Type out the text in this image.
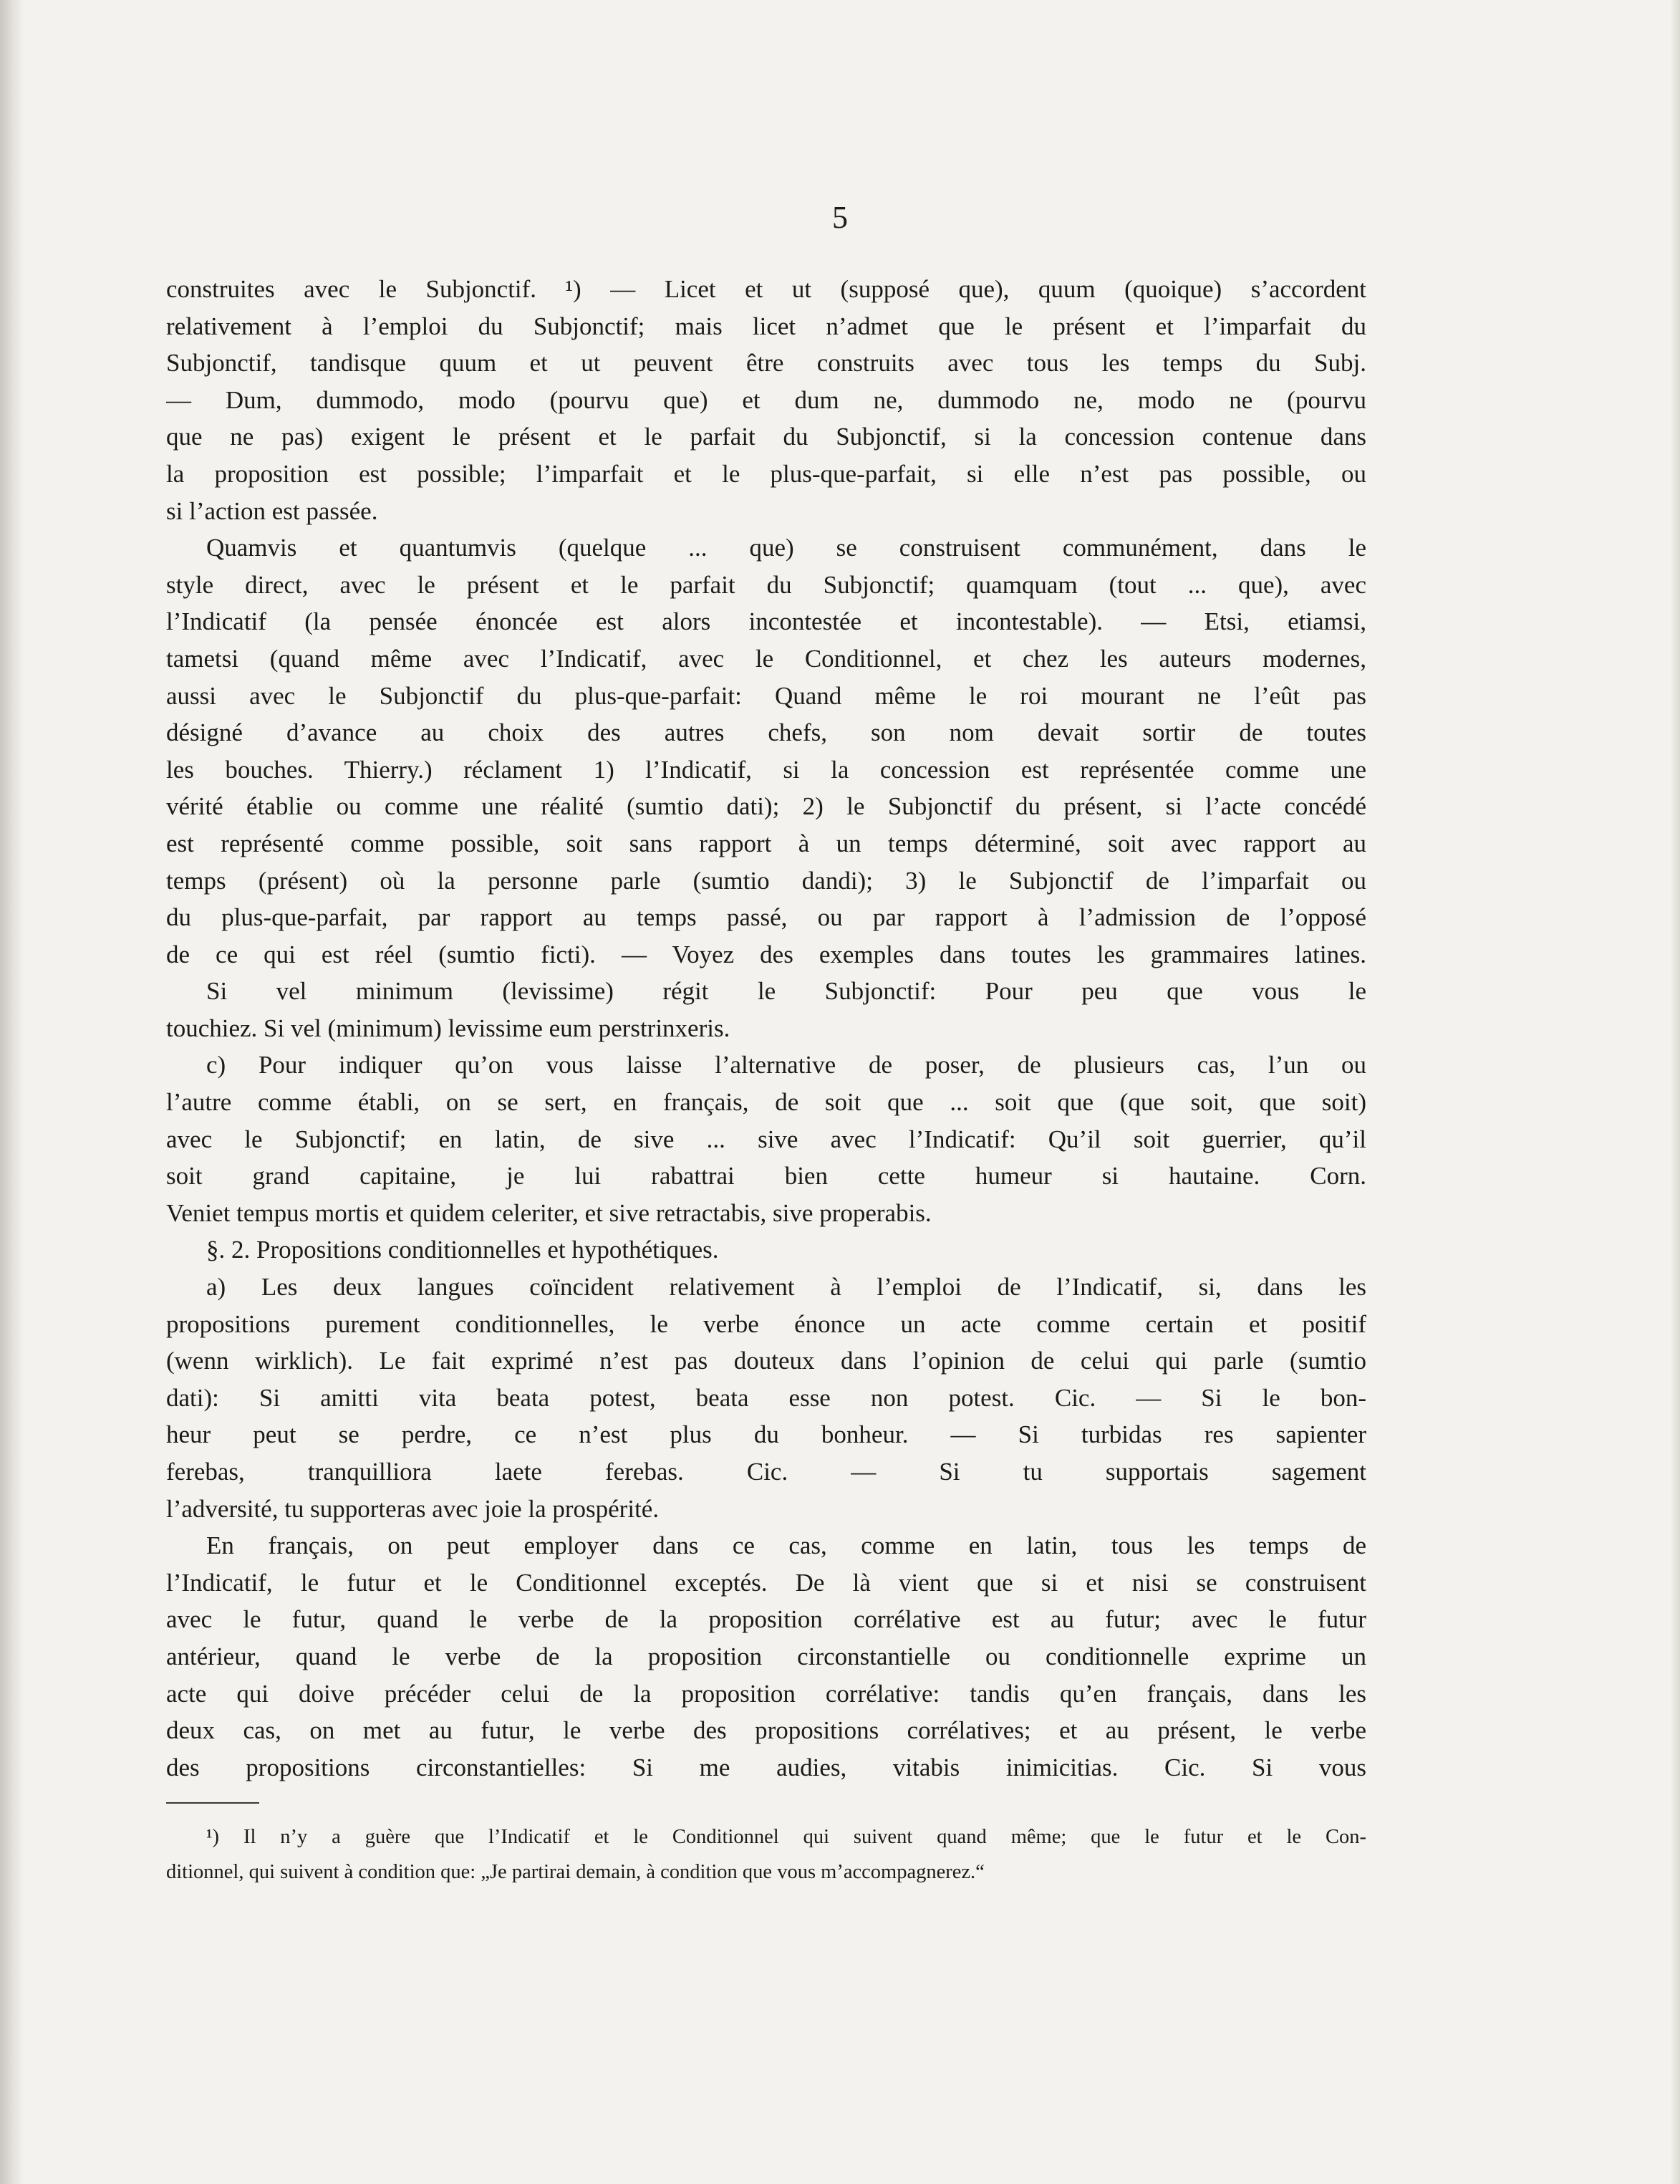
5
construites avec le Subjonctif. ¹) — Licet et ut (supposé que), quum (quoique) s’accordent
relativement à l’emploi du Subjonctif; mais licet n’admet que le présent et l’imparfait du
Subjonctif, tandisque quum et ut peuvent être construits avec tous les temps du Subj.
— Dum, dummodo, modo (pourvu que) et dum ne, dummodo ne, modo ne (pourvu
que ne pas) exigent le présent et le parfait du Subjonctif, si la concession contenue dans
la proposition est possible; l’imparfait et le plus-que-parfait, si elle n’est pas possible, ou
si l’action est passée.
Quamvis et quantumvis (quelque ... que) se construisent communément, dans le
style direct, avec le présent et le parfait du Subjonctif; quamquam (tout ... que), avec
l’Indicatif (la pensée énoncée est alors incontestée et incontestable). — Etsi, etiamsi,
tametsi (quand même avec l’Indicatif, avec le Conditionnel, et chez les auteurs modernes,
aussi avec le Subjonctif du plus-que-parfait: Quand même le roi mourant ne l’eût pas
désigné d’avance au choix des autres chefs, son nom devait sortir de toutes
les bouches. Thierry.) réclament 1) l’Indicatif, si la concession est représentée comme une
vérité établie ou comme une réalité (sumtio dati); 2) le Subjonctif du présent, si l’acte concédé
est représenté comme possible, soit sans rapport à un temps déterminé, soit avec rapport au
temps (présent) où la personne parle (sumtio dandi); 3) le Subjonctif de l’imparfait ou
du plus-que-parfait, par rapport au temps passé, ou par rapport à l’admission de l’opposé
de ce qui est réel (sumtio ficti). — Voyez des exemples dans toutes les grammaires latines.
Si vel minimum (levissime) régit le Subjonctif: Pour peu que vous le
touchiez. Si vel (minimum) levissime eum perstrinxeris.
c) Pour indiquer qu’on vous laisse l’alternative de poser, de plusieurs cas, l’un ou
l’autre comme établi, on se sert, en français, de soit que ... soit que (que soit, que soit)
avec le Subjonctif; en latin, de sive ... sive avec l’Indicatif: Qu’il soit guerrier, qu’il
soit grand capitaine, je lui rabattrai bien cette humeur si hautaine. Corn.
Veniet tempus mortis et quidem celeriter, et sive retractabis, sive properabis.
§. 2. Propositions conditionnelles et hypothétiques.
a) Les deux langues coïncident relativement à l’emploi de l’Indicatif, si, dans les
propositions purement conditionnelles, le verbe énonce un acte comme certain et positif
(wenn wirklich). Le fait exprimé n’est pas douteux dans l’opinion de celui qui parle (sumtio
dati): Si amitti vita beata potest, beata esse non potest. Cic. — Si le bon-
heur peut se perdre, ce n’est plus du bonheur. — Si turbidas res sapienter
ferebas, tranquilliora laete ferebas. Cic. — Si tu supportais sagement
l’adversité, tu supporteras avec joie la prospérité.
En français, on peut employer dans ce cas, comme en latin, tous les temps de
l’Indicatif, le futur et le Conditionnel exceptés. De là vient que si et nisi se construisent
avec le futur, quand le verbe de la proposition corrélative est au futur; avec le futur
antérieur, quand le verbe de la proposition circonstantielle ou conditionnelle exprime un
acte qui doive précéder celui de la proposition corrélative: tandis qu’en français, dans les
deux cas, on met au futur, le verbe des propositions corrélatives; et au présent, le verbe
des propositions circonstantielles: Si me audies, vitabis inimicitias. Cic. Si vous
¹) Il n’y a guère que l’Indicatif et le Conditionnel qui suivent quand même; que le futur et le Con-
ditionnel, qui suivent à condition que: „Je partirai demain, à condition que vous m’accompagnerez.“
